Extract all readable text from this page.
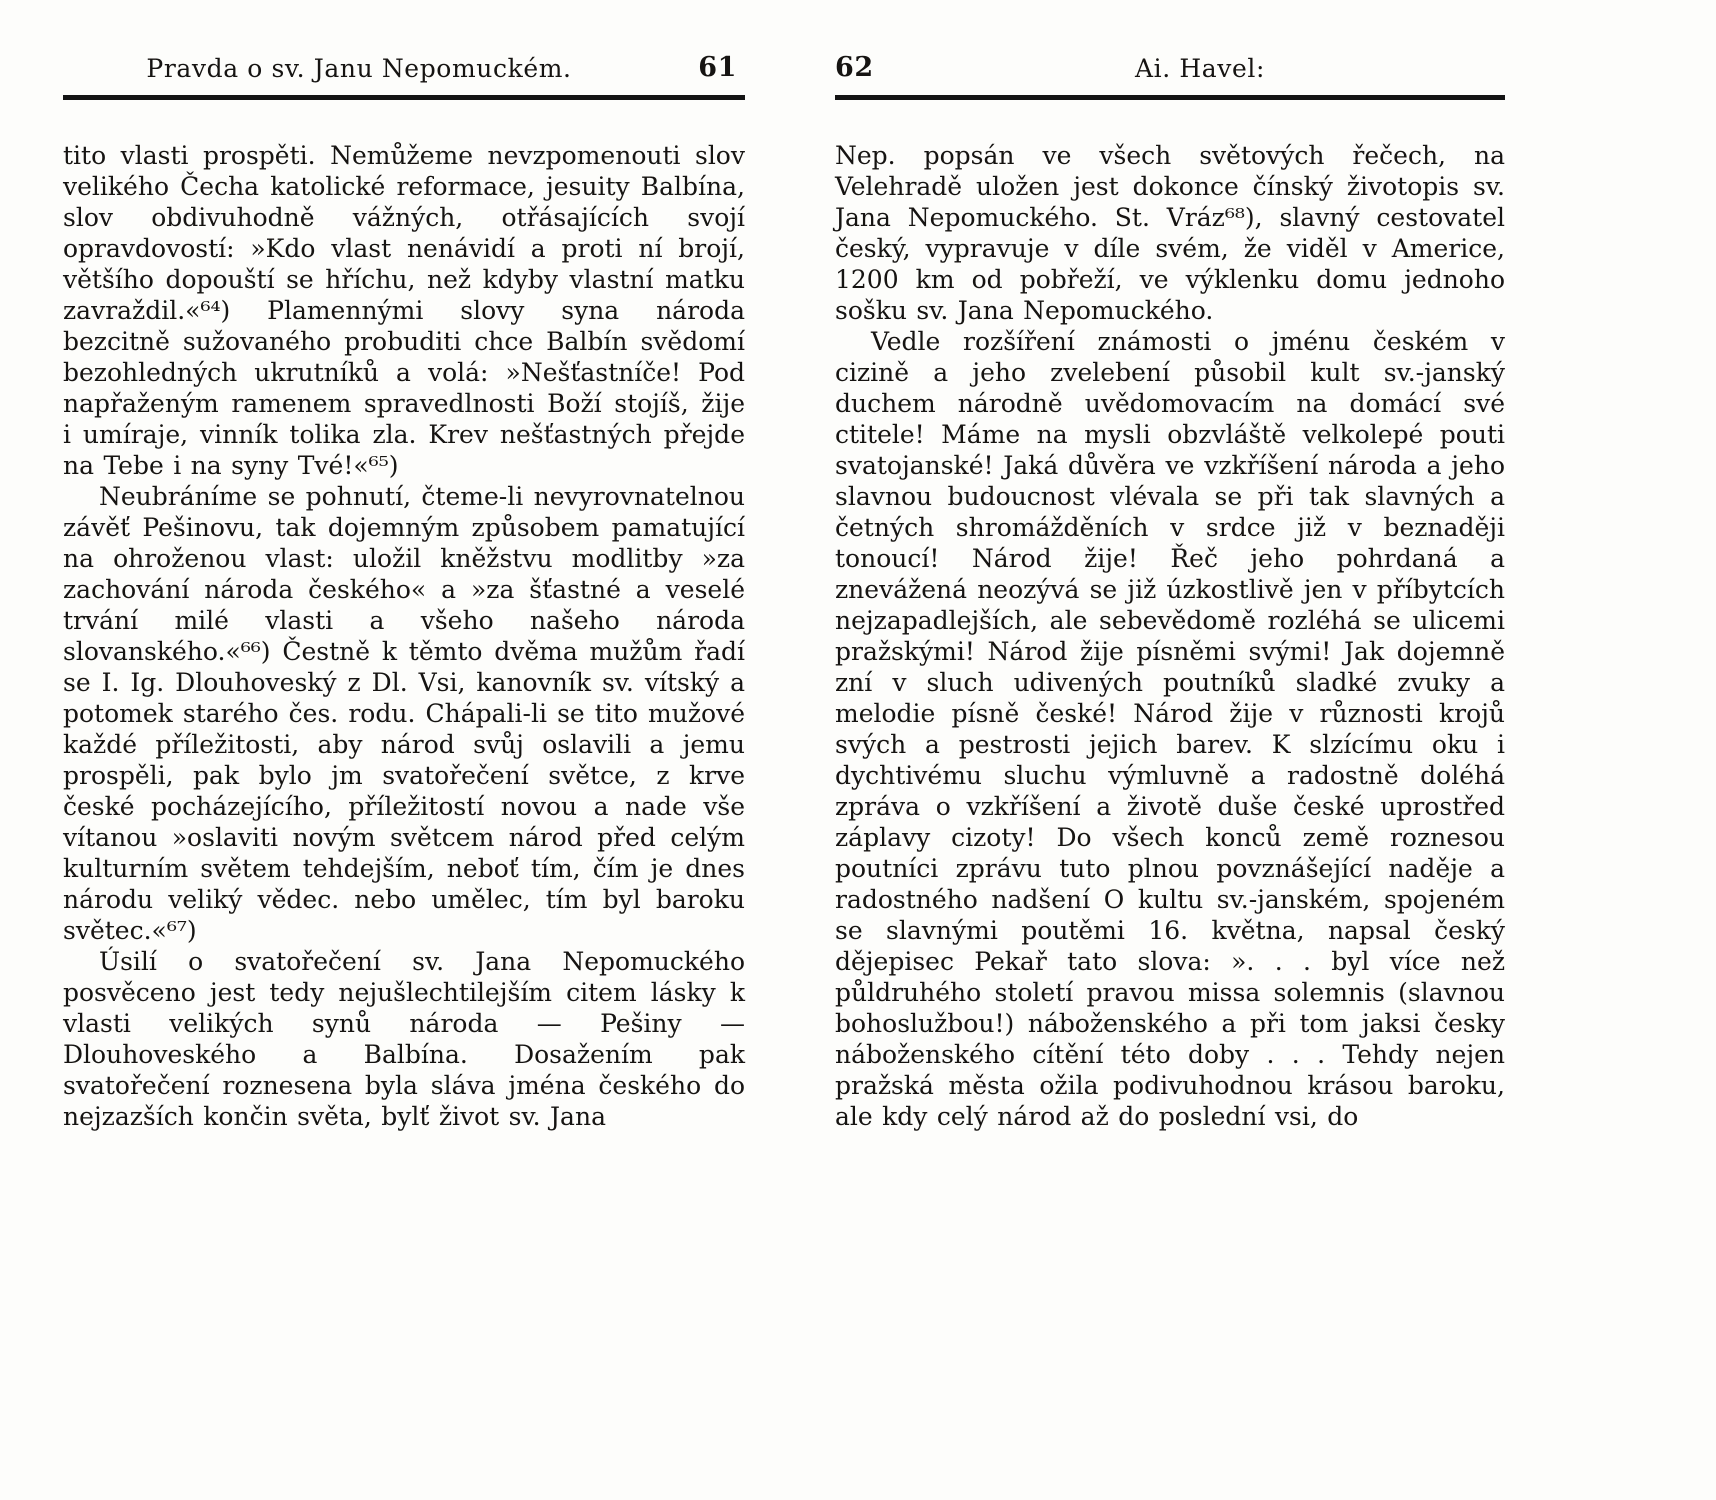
Pravda o sv. Janu Nepomuckém.	61

tito vlasti prospěti. Nemůžeme nevzpomenouti slov velikého Čecha katolické reformace, jesuity Balbína, slov obdivuhodně vážných, otřásajících svojí opravdovostí: »Kdo vlast nenávidí a proti ní brojí, většího dopouští se hříchu, než kdyby vlastní matku zavraždil.«⁶⁴) Plamennými slovy syna národa bezcitně sužovaného probuditi chce Balbín svědomí bezohledných ukrutníků a volá: »Nešťastníče! Pod napřaženým ramenem spravedlnosti Boží stojíš, žije i umíraje, vinník tolika zla. Krev nešťastných přejde na Tebe i na syny Tvé!«⁶⁵)

Neubráníme se pohnutí, čteme-li nevyrovnatelnou závěť Pešinovu, tak dojemným způsobem pamatující na ohroženou vlast: uložil kněžstvu modlitby »za zachování národa českého« a »za šťastné a veselé trvání milé vlasti a všeho našeho národa slovanského.«⁶⁶) Čestně k těmto dvěma mužům řadí se I. Ig. Dlouhoveský z Dl. Vsi, kanovník sv. vítský a potomek starého čes. rodu. Chápali-li se tito mužové každé příležitosti, aby národ svůj oslavili a jemu prospěli, pak bylo jm svatořečení světce, z krve české pocházejícího, příležitostí novou a nade vše vítanou »oslaviti novým světcem národ před celým kulturním světem tehdejším, neboť tím, čím je dnes národu veliký vědec. nebo umělec, tím byl baroku světec.«⁶⁷)

Úsilí o svatořečení sv. Jana Nepomuckého posvěceno jest tedy nejušlechtilejším citem lásky k vlasti velikých synů národa — Pešiny — Dlouhoveského a Balbína. Dosažením pak svatořečení roznesena byla sláva jména českého do nejzazších končin světa, bylť život sv. Jana

62	Ai. Havel:

Nep. popsán ve všech světových řečech, na Velehradě uložen jest dokonce čínský životopis sv. Jana Nepomuckého. St. Vráz⁶⁸), slavný cestovatel český, vypravuje v díle svém, že viděl v Americe, 1200 km od pobřeží, ve výklenku domu jednoho sošku sv. Jana Nepomuckého.

Vedle rozšíření známosti o jménu českém v cizině a jeho zvelebení působil kult sv.-janský duchem národně uvědomovacím na domácí své ctitele! Máme na mysli obzvláště velkolepé pouti svatojanské! Jaká důvěra ve vzkříšení národa a jeho slavnou budoucnost vlévala se při tak slavných a četných shromážděních v srdce již v beznaději tonoucí! Národ žije! Řeč jeho pohrdaná a znevážená neozývá se již úzkostlivě jen v příbytcích nejzapadlejších, ale sebevědomě rozléhá se ulicemi pražskými! Národ žije písněmi svými! Jak dojemně zní v sluch udivených poutníků sladké zvuky a melodie písně české! Národ žije v různosti krojů svých a pestrosti jejich barev. K slzícímu oku i dychtivému sluchu výmluvně a radostně doléhá zpráva o vzkříšení a životě duše české uprostřed záplavy cizoty! Do všech konců země roznesou poutníci zprávu tuto plnou povznášející naděje a radostného nadšení O kultu sv.-janském, spojeném se slavnými poutěmi 16. května, napsal český dějepisec Pekař tato slova: ». . . byl více než půldruhého století pravou missa solemnis (slavnou bohoslužbou!) náboženského a při tom jaksi česky náboženského cítění této doby . . . Tehdy nejen pražská města ožila podivuhodnou krásou baroku, ale kdy celý národ až do poslední vsi, do
